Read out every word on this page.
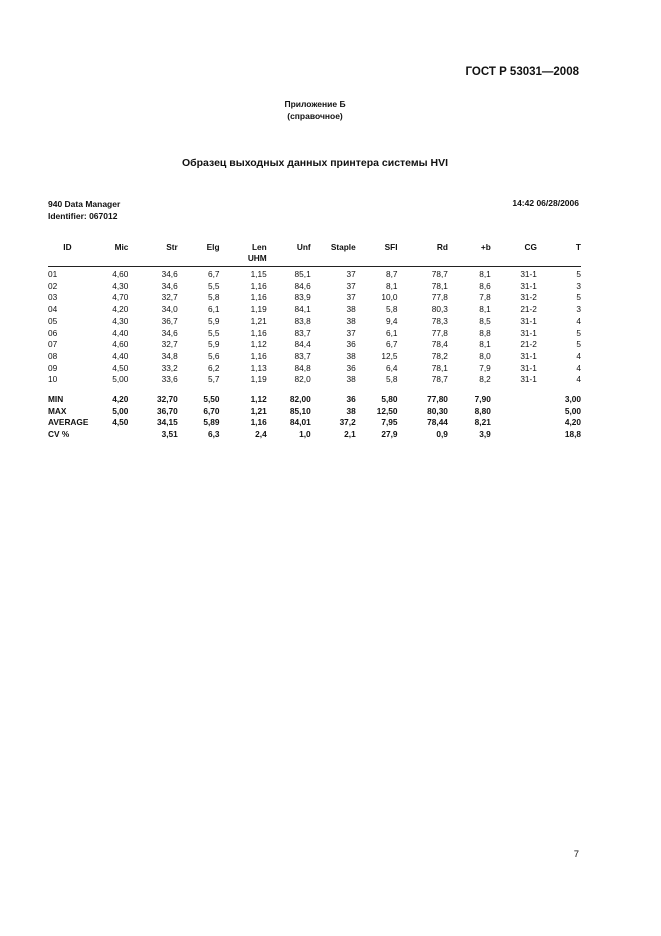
ГОСТ Р 53031—2008
Приложение Б
(справочное)
Образец выходных данных принтера системы HVI
940 Data Manager
Identifier: 067012
14:42 06/28/2006
ID	Mic	Str	Elg	Len UHM	Unf	Staple	SFI	Rd	+b	CG	T
01	4,60	34,6	6,7	1,15	85,1	37	8,7	78,7	8,1	31-1	5
02	4,30	34,6	5,5	1,16	84,6	37	8,1	78,1	8,6	31-1	3
03	4,70	32,7	5,8	1,16	83,9	37	10,0	77,8	7,8	31-2	5
04	4,20	34,0	6,1	1,19	84,1	38	5,8	80,3	8,1	21-2	3
05	4,30	36,7	5,9	1,21	83,8	38	9,4	78,3	8,5	31-1	4
06	4,40	34,6	5,5	1,16	83,7	37	6,1	77,8	8,8	31-1	5
07	4,60	32,7	5,9	1,12	84,4	36	6,7	78,4	8,1	21-2	5
08	4,40	34,8	5,6	1,16	83,7	38	12,5	78,2	8,0	31-1	4
09	4,50	33,2	6,2	1,13	84,8	36	6,4	78,1	7,9	31-1	4
10	5,00	33,6	5,7	1,19	82,0	38	5,8	78,7	8,2	31-1	4
MIN	4,20	32,70	5,50	1,12	82,00	36	5,80	77,80	7,90		3,00
MAX	5,00	36,70	6,70	1,21	85,10	38	12,50	80,30	8,80		5,00
AVERAGE	4,50	34,15	5,89	1,16	84,01	37,2	7,95	78,44	8,21		4,20
CV %		3,51	6,3	2,4	1,0	2,1	27,9	0,9	3,9		18,8
7
